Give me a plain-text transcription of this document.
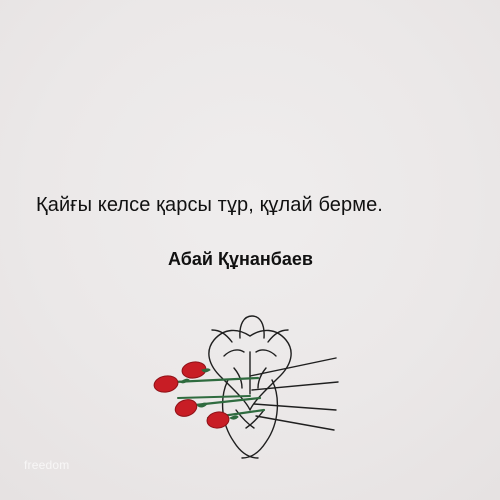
Қайғы келсе қарсы тұр, құлай берме.
Абай Құнанбаев
freedom
